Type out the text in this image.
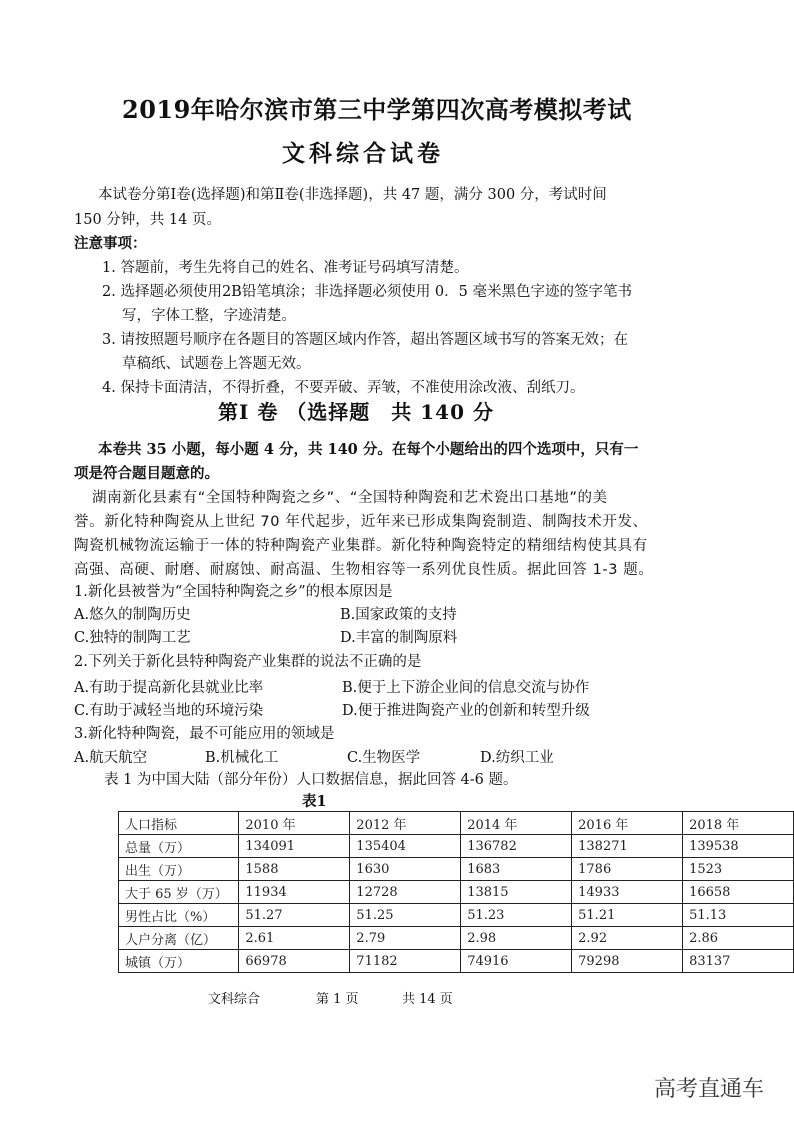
2019年哈尔滨市第三中学第四次高考模拟考试
文科综合试卷
本试卷分第Ⅰ卷(选择题)和第Ⅱ卷(非选择题)，共 47 题，满分 300 分，考试时间
150 分钟，共 14 页。
注意事项：
1. 答题前，考生先将自己的姓名、准考证号码填写清楚。
2. 选择题必须使用2B铅笔填涂；非选择题必须使用 0．5 毫米黑色字迹的签字笔书
写，字体工整，字迹清楚。
3. 请按照题号顺序在各题目的答题区域内作答，超出答题区域书写的答案无效；在
草稿纸、试题卷上答题无效。
4. 保持卡面清洁，不得折叠，不要弄破、弄皱，不准使用涂改液、刮纸刀。
第Ⅰ 卷 （选择题　共 140 分
本卷共 35 小题，每小题 4 分，共 140 分。在每个小题给出的四个选项中，只有一
项是符合题目题意的。
湖南新化县素有“全国特种陶瓷之乡”、“全国特种陶瓷和艺术瓷出口基地”的美
誉。新化特种陶瓷从上世纪 70 年代起步，近年来已形成集陶瓷制造、制陶技术开发、
陶瓷机械物流运输于一体的特种陶瓷产业集群。新化特种陶瓷特定的精细结构使其具有
高强、高硬、耐磨、耐腐蚀、耐高温、生物相容等一系列优良性质。据此回答 1-3 题。
1.新化县被誉为“全国特种陶瓷之乡”的根本原因是
A.悠久的制陶历史	B.国家政策的支持
C.独特的制陶工艺	D.丰富的制陶原料
2.下列关于新化县特种陶瓷产业集群的说法不正确的是
A.有助于提高新化县就业比率	B.便于上下游企业间的信息交流与协作
C.有助于减轻当地的环境污染	D.便于推进陶瓷产业的创新和转型升级
3.新化特种陶瓷，最不可能应用的领域是
A.航天航空	B.机械化工	C.生物医学	D.纺织工业
表 1 为中国大陆（部分年份）人口数据信息，据此回答 4-6 题。
表1
人口指标	2010 年	2012 年	2014 年	2016 年	2018 年
总量（万）	134091	135404	136782	138271	139538
出生（万）	1588	1630	1683	1786	1523
大于 65 岁（万）	11934	12728	13815	14933	16658
男性占比（%）	51.27	51.25	51.23	51.21	51.13
人户分离（亿）	2.61	2.79	2.98	2.92	2.86
城镇（万）	66978	71182	74916	79298	83137
文科综合	第 1 页	共 14 页
高考直通车
